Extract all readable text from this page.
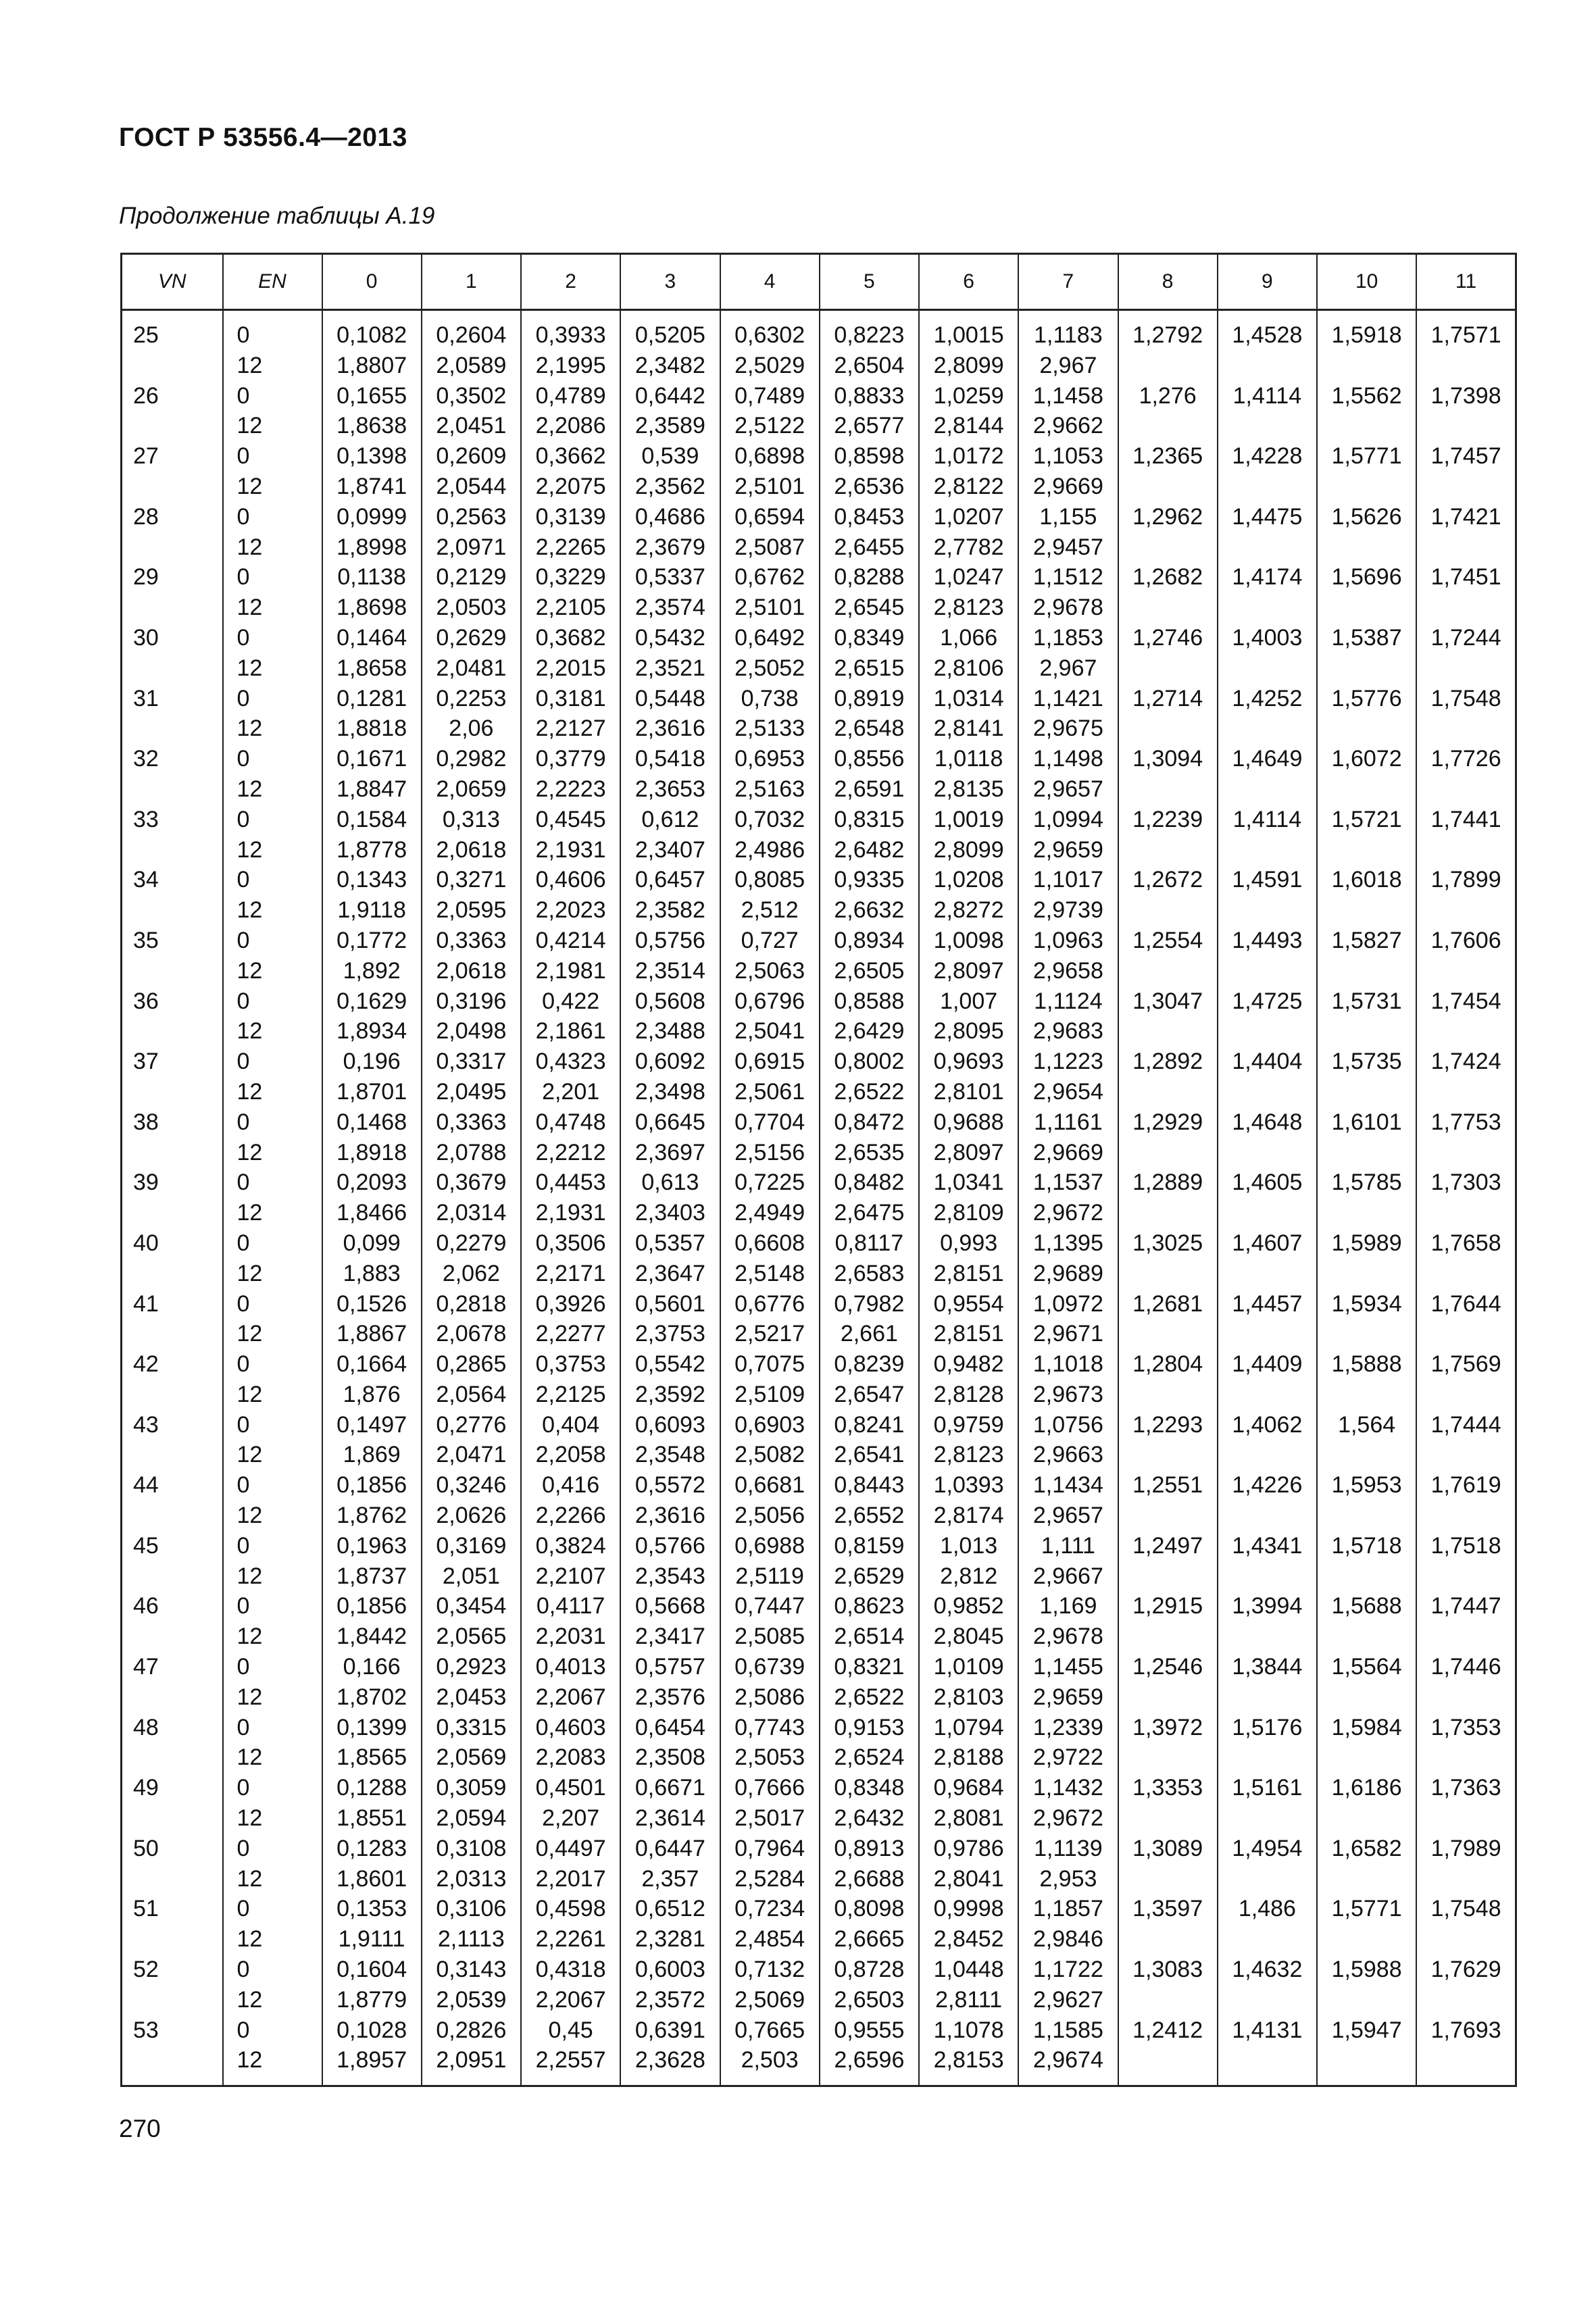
ГОСТ Р 53556.4—2013
Продолжение таблицы А.19
VN	EN	0	1	2	3	4	5	6	7	8	9	10	11

25	0	0,1082	0,2604	0,3933	0,5205	0,6302	0,8223	1,0015	1,1183	1,2792	1,4528	1,5918	1,7571
	12	1,8807	2,0589	2,1995	2,3482	2,5029	2,6504	2,8099	2,967				
26	0	0,1655	0,3502	0,4789	0,6442	0,7489	0,8833	1,0259	1,1458	1,276	1,4114	1,5562	1,7398
	12	1,8638	2,0451	2,2086	2,3589	2,5122	2,6577	2,8144	2,9662				
27	0	0,1398	0,2609	0,3662	0,539	0,6898	0,8598	1,0172	1,1053	1,2365	1,4228	1,5771	1,7457
	12	1,8741	2,0544	2,2075	2,3562	2,5101	2,6536	2,8122	2,9669				
28	0	0,0999	0,2563	0,3139	0,4686	0,6594	0,8453	1,0207	1,155	1,2962	1,4475	1,5626	1,7421
	12	1,8998	2,0971	2,2265	2,3679	2,5087	2,6455	2,7782	2,9457				
29	0	0,1138	0,2129	0,3229	0,5337	0,6762	0,8288	1,0247	1,1512	1,2682	1,4174	1,5696	1,7451
	12	1,8698	2,0503	2,2105	2,3574	2,5101	2,6545	2,8123	2,9678				
30	0	0,1464	0,2629	0,3682	0,5432	0,6492	0,8349	1,066	1,1853	1,2746	1,4003	1,5387	1,7244
	12	1,8658	2,0481	2,2015	2,3521	2,5052	2,6515	2,8106	2,967				
31	0	0,1281	0,2253	0,3181	0,5448	0,738	0,8919	1,0314	1,1421	1,2714	1,4252	1,5776	1,7548
	12	1,8818	2,06	2,2127	2,3616	2,5133	2,6548	2,8141	2,9675				
32	0	0,1671	0,2982	0,3779	0,5418	0,6953	0,8556	1,0118	1,1498	1,3094	1,4649	1,6072	1,7726
	12	1,8847	2,0659	2,2223	2,3653	2,5163	2,6591	2,8135	2,9657				
33	0	0,1584	0,313	0,4545	0,612	0,7032	0,8315	1,0019	1,0994	1,2239	1,4114	1,5721	1,7441
	12	1,8778	2,0618	2,1931	2,3407	2,4986	2,6482	2,8099	2,9659				
34	0	0,1343	0,3271	0,4606	0,6457	0,8085	0,9335	1,0208	1,1017	1,2672	1,4591	1,6018	1,7899
	12	1,9118	2,0595	2,2023	2,3582	2,512	2,6632	2,8272	2,9739				
35	0	0,1772	0,3363	0,4214	0,5756	0,727	0,8934	1,0098	1,0963	1,2554	1,4493	1,5827	1,7606
	12	1,892	2,0618	2,1981	2,3514	2,5063	2,6505	2,8097	2,9658				
36	0	0,1629	0,3196	0,422	0,5608	0,6796	0,8588	1,007	1,1124	1,3047	1,4725	1,5731	1,7454
	12	1,8934	2,0498	2,1861	2,3488	2,5041	2,6429	2,8095	2,9683				
37	0	0,196	0,3317	0,4323	0,6092	0,6915	0,8002	0,9693	1,1223	1,2892	1,4404	1,5735	1,7424
	12	1,8701	2,0495	2,201	2,3498	2,5061	2,6522	2,8101	2,9654				
38	0	0,1468	0,3363	0,4748	0,6645	0,7704	0,8472	0,9688	1,1161	1,2929	1,4648	1,6101	1,7753
	12	1,8918	2,0788	2,2212	2,3697	2,5156	2,6535	2,8097	2,9669				
39	0	0,2093	0,3679	0,4453	0,613	0,7225	0,8482	1,0341	1,1537	1,2889	1,4605	1,5785	1,7303
	12	1,8466	2,0314	2,1931	2,3403	2,4949	2,6475	2,8109	2,9672				
40	0	0,099	0,2279	0,3506	0,5357	0,6608	0,8117	0,993	1,1395	1,3025	1,4607	1,5989	1,7658
	12	1,883	2,062	2,2171	2,3647	2,5148	2,6583	2,8151	2,9689				
41	0	0,1526	0,2818	0,3926	0,5601	0,6776	0,7982	0,9554	1,0972	1,2681	1,4457	1,5934	1,7644
	12	1,8867	2,0678	2,2277	2,3753	2,5217	2,661	2,8151	2,9671				
42	0	0,1664	0,2865	0,3753	0,5542	0,7075	0,8239	0,9482	1,1018	1,2804	1,4409	1,5888	1,7569
	12	1,876	2,0564	2,2125	2,3592	2,5109	2,6547	2,8128	2,9673				
43	0	0,1497	0,2776	0,404	0,6093	0,6903	0,8241	0,9759	1,0756	1,2293	1,4062	1,564	1,7444
	12	1,869	2,0471	2,2058	2,3548	2,5082	2,6541	2,8123	2,9663				
44	0	0,1856	0,3246	0,416	0,5572	0,6681	0,8443	1,0393	1,1434	1,2551	1,4226	1,5953	1,7619
	12	1,8762	2,0626	2,2266	2,3616	2,5056	2,6552	2,8174	2,9657				
45	0	0,1963	0,3169	0,3824	0,5766	0,6988	0,8159	1,013	1,111	1,2497	1,4341	1,5718	1,7518
	12	1,8737	2,051	2,2107	2,3543	2,5119	2,6529	2,812	2,9667				
46	0	0,1856	0,3454	0,4117	0,5668	0,7447	0,8623	0,9852	1,169	1,2915	1,3994	1,5688	1,7447
	12	1,8442	2,0565	2,2031	2,3417	2,5085	2,6514	2,8045	2,9678				
47	0	0,166	0,2923	0,4013	0,5757	0,6739	0,8321	1,0109	1,1455	1,2546	1,3844	1,5564	1,7446
	12	1,8702	2,0453	2,2067	2,3576	2,5086	2,6522	2,8103	2,9659				
48	0	0,1399	0,3315	0,4603	0,6454	0,7743	0,9153	1,0794	1,2339	1,3972	1,5176	1,5984	1,7353
	12	1,8565	2,0569	2,2083	2,3508	2,5053	2,6524	2,8188	2,9722				
49	0	0,1288	0,3059	0,4501	0,6671	0,7666	0,8348	0,9684	1,1432	1,3353	1,5161	1,6186	1,7363
	12	1,8551	2,0594	2,207	2,3614	2,5017	2,6432	2,8081	2,9672				
50	0	0,1283	0,3108	0,4497	0,6447	0,7964	0,8913	0,9786	1,1139	1,3089	1,4954	1,6582	1,7989
	12	1,8601	2,0313	2,2017	2,357	2,5284	2,6688	2,8041	2,953				
51	0	0,1353	0,3106	0,4598	0,6512	0,7234	0,8098	0,9998	1,1857	1,3597	1,486	1,5771	1,7548
	12	1,9111	2,1113	2,2261	2,3281	2,4854	2,6665	2,8452	2,9846				
52	0	0,1604	0,3143	0,4318	0,6003	0,7132	0,8728	1,0448	1,1722	1,3083	1,4632	1,5988	1,7629
	12	1,8779	2,0539	2,2067	2,3572	2,5069	2,6503	2,8111	2,9627				
53	0	0,1028	0,2826	0,45	0,6391	0,7665	0,9555	1,1078	1,1585	1,2412	1,4131	1,5947	1,7693
	12	1,8957	2,0951	2,2557	2,3628	2,503	2,6596	2,8153	2,9674				
270
